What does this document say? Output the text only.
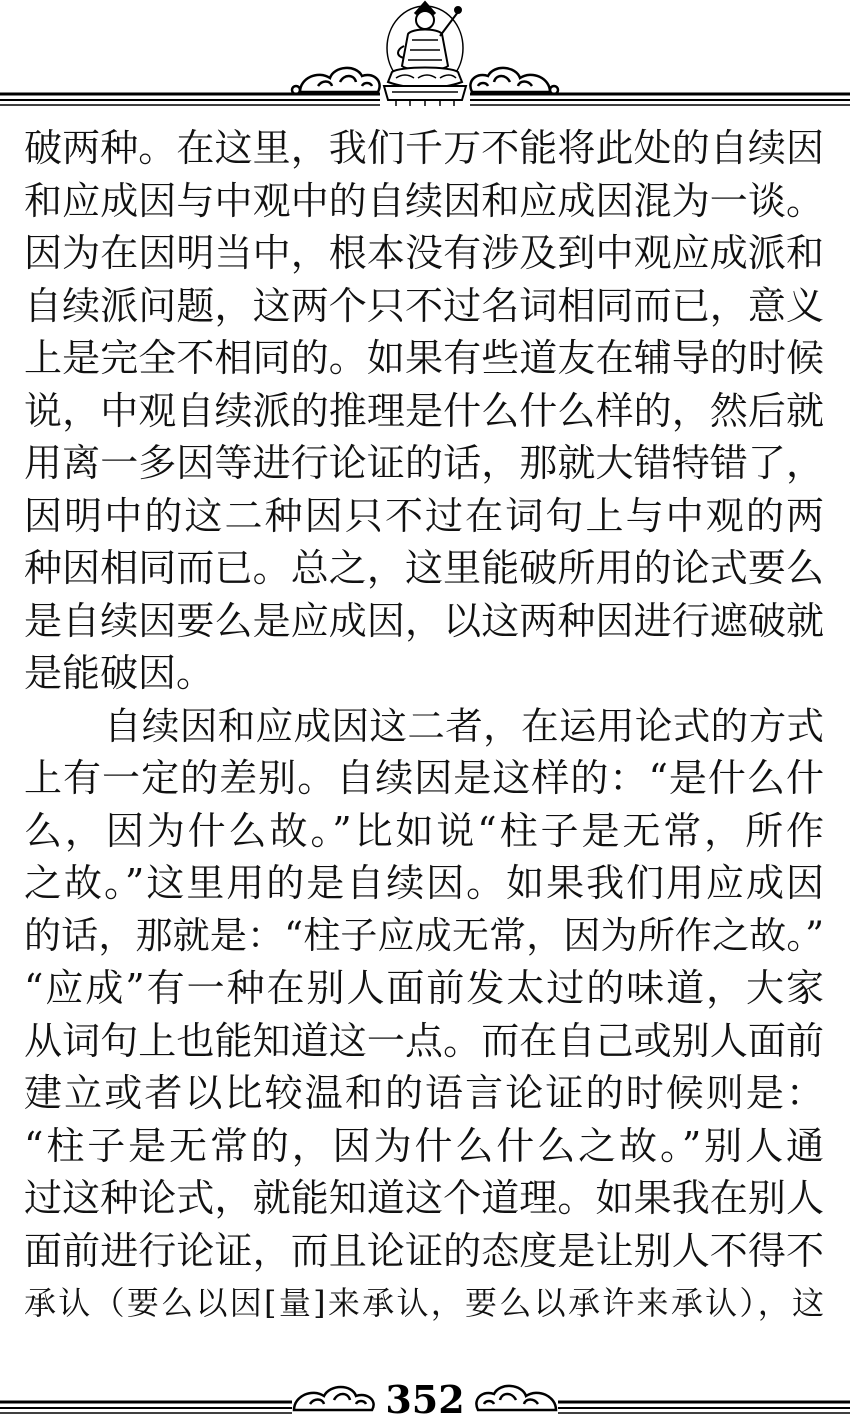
破两种。在这里，我们千万不能将此处的自续因
和应成因与中观中的自续因和应成因混为一谈。
因为在因明当中，根本没有涉及到中观应成派和
自续派问题，这两个只不过名词相同而已，意义
上是完全不相同的。如果有些道友在辅导的时候
说，中观自续派的推理是什么什么样的，然后就
用离一多因等进行论证的话，那就大错特错了，
因明中的这二种因只不过在词句上与中观的两
种因相同而已。总之，这里能破所用的论式要么
是自续因要么是应成因，以这两种因进行遮破就
是能破因。
自续因和应成因这二者，在运用论式的方式
上有一定的差别。自续因是这样的：“是什么什
么，因为什么故。”比如说“柱子是无常，所作
之故。”这里用的是自续因。如果我们用应成因
的话，那就是：“柱子应成无常，因为所作之故。”
“应成”有一种在别人面前发太过的味道，大家
从词句上也能知道这一点。而在自己或别人面前
建立或者以比较温和的语言论证的时候则是：
“柱子是无常的，因为什么什么之故。”别人通
过这种论式，就能知道这个道理。如果我在别人
面前进行论证，而且论证的态度是让别人不得不
承认（要么以因[量]来承认，要么以承许来承认），这
352
